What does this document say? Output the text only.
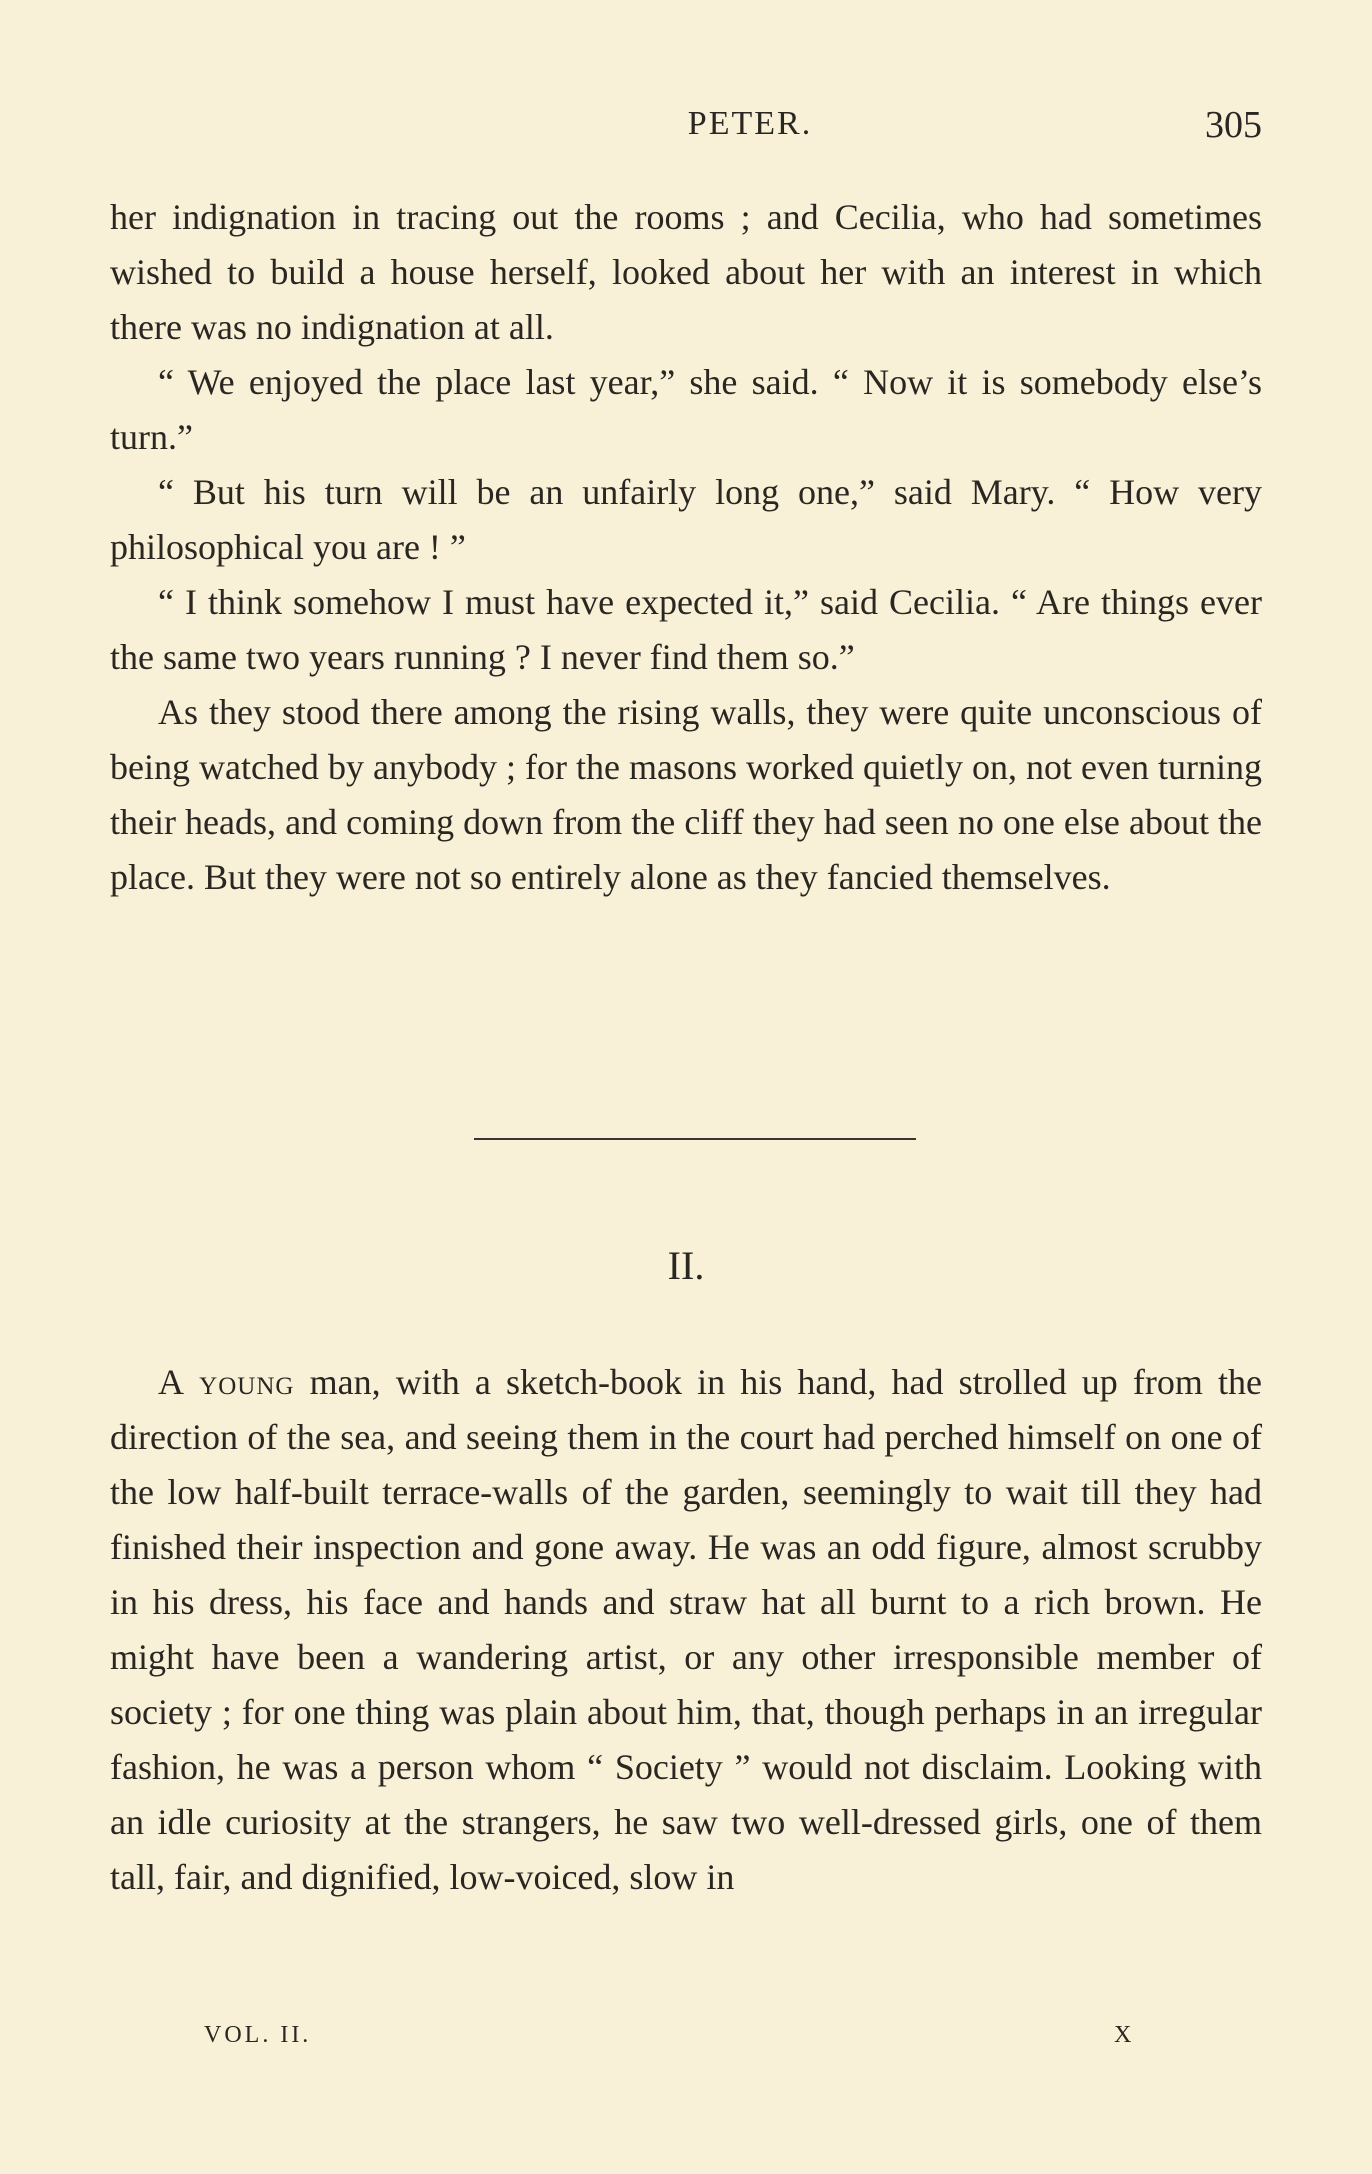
PETER.	305

her indignation in tracing out the rooms ; and Cecilia, who had sometimes wished to build a house herself, looked about her with an interest in which there was no indignation at all.

“ We enjoyed the place last year,” she said. “ Now it is somebody else’s turn.”

“ But his turn will be an unfairly long one,” said Mary. “ How very philosophical you are ! ”

“ I think somehow I must have expected it,” said Cecilia. “ Are things ever the same two years running ? I never find them so.”

As they stood there among the rising walls, they were quite unconscious of being watched by anybody ; for the masons worked quietly on, not even turning their heads, and coming down from the cliff they had seen no one else about the place. But they were not so entirely alone as they fancied themselves.

II.

A young man, with a sketch-book in his hand, had strolled up from the direction of the sea, and seeing them in the court had perched himself on one of the low half-built terrace-walls of the garden, seemingly to wait till they had finished their inspection and gone away. He was an odd figure, almost scrubby in his dress, his face and hands and straw hat all burnt to a rich brown. He might have been a wandering artist, or any other irresponsible member of society ; for one thing was plain about him, that, though perhaps in an irregular fashion, he was a person whom “ Society ” would not disclaim. Looking with an idle curiosity at the strangers, he saw two well-dressed girls, one of them tall, fair, and dignified, low-voiced, slow in

VOL. II.	X
